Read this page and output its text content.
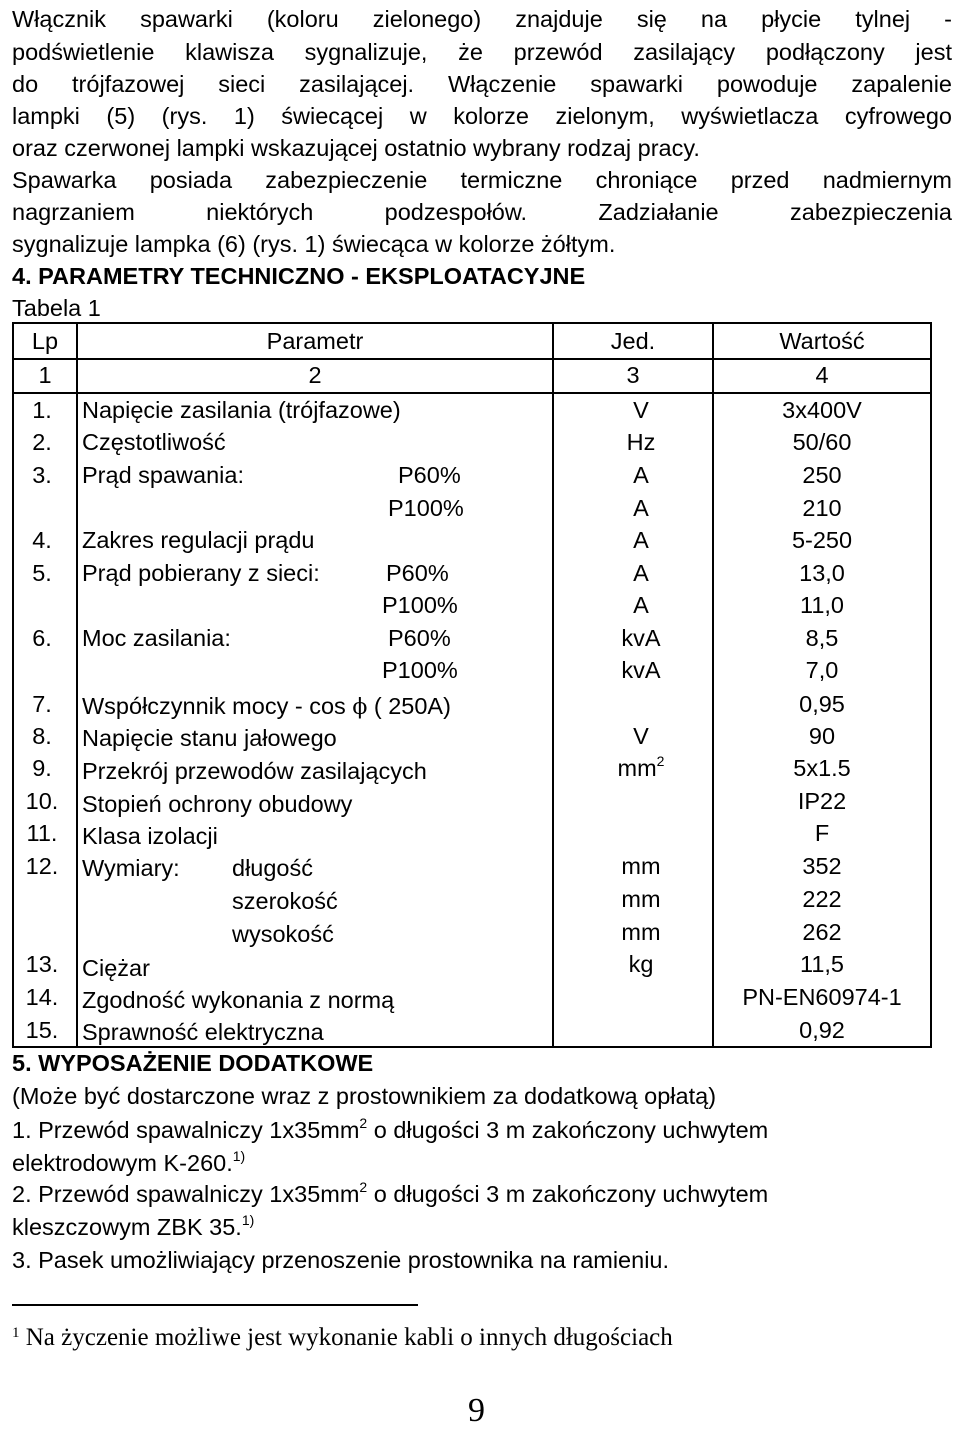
Włącznik spawarki (koloru zielonego) znajduje się na płycie tylnej -
podświetlenie klawisza sygnalizuje, że przewód zasilający podłączony jest
do trójfazowej sieci zasilającej. Włączenie spawarki powoduje zapalenie
lampki (5) (rys. 1) świecącej w kolorze zielonym, wyświetlacza cyfrowego
oraz czerwonej lampki wskazującej ostatnio wybrany rodzaj pracy.
Spawarka posiada zabezpieczenie termiczne chroniące przed nadmiernym
nagrzaniem niektórych podzespołów. Zadziałanie zabezpieczenia
sygnalizuje lampka (6) (rys. 1) świecąca w kolorze żółtym.
4. PARAMETRY TECHNICZNO - EKSPLOATACYJNE
Tabela 1
Lp	Parametr	Jed.	Wartość
1	2	3	4
1.	Napięcie zasilania (trójfazowe)	V	3x400V
2.	Częstotliwość	Hz	50/60
3.	Prąd spawania:	P60%	A	250
P100%	A	210
4.	Zakres regulacji prądu	A	5-250
5.	Prąd pobierany z sieci:	P60%	A	13,0
P100%	A	11,0
6.	Moc zasilania:	P60%	kvA	8,5
P100%	kvA	7,0
7.	Współczynnik mocy - cos ϕ ( 250A)	0,95
8.	Napięcie stanu jałowego	V	90
9.	Przekrój przewodów zasilających	$mm^2$	5x1.5
10.	Stopień ochrony obudowy	IP22
11.	Klasa izolacji	F
12.	Wymiary: długość	mm	352
szerokość	mm	222
wysokość	mm	262
13.	Ciężar	kg	11,5
14.	Zgodność wykonania z normą	PN-EN60974-1
15.	Sprawność elektryczna	0,92
5. WYPOSAŻENIE DODATKOWE
(Może być dostarczone wraz z prostownikiem za dodatkową opłatą)
1. Przewód spawalniczy $1x35mm^2$ o długości 3 m zakończony uchwytem
elektrodowym K-260.$^{1)}$
2. Przewód spawalniczy $1x35mm^2$ o długości 3 m zakończony uchwytem
kleszczowym ZBK 35.$^{1)}$
3. Pasek umożliwiający przenoszenie prostownika na ramieniu.
$^1$ Na życzenie możliwe jest wykonanie kabli o innych długościach
9
